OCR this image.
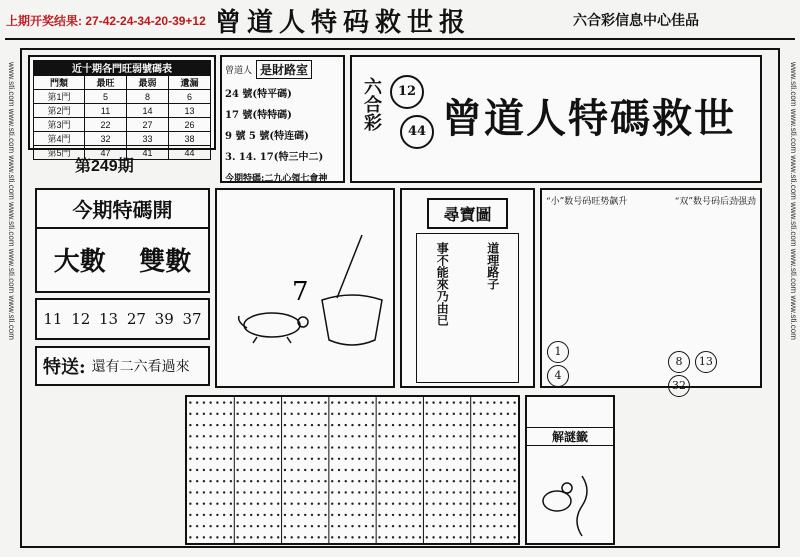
上期开奖结果: 27-42-24-34-20-39+12 曾道人特码救世报	六合彩信息中心佳品
www.sti.com www.sti.com www.sti.com www.sti.com www.sti.com www.sti.com
www.sti.com www.sti.com www.sti.com www.sti.com www.sti.com www.sti.com
近十期各門旺弱號碼表
門類	最旺	最弱	遺漏
第1門	5	8	6
第2門	11	14	13
第3門	22	27	26
第4門	32	33	38
第5門	47	41	44
第249期
曾道人 是財路室
24 號(特平碼)
17 號(特特碼)
9 號 5 號(特连碼)
3. 14. 17(特三中二)
今期特碼:二九心領七會神
六合彩	12
44 曾道人特碼救世
今期特碼開
大數 雙數
11 12 13 27 39 37
特送: 還有二六看過來
7
尋寶圖
事不能來乃由已	道理路子
“小”数号码旺势飙升	“双”数号码后劲强劲
1 4
8 13 32
解謎籤
